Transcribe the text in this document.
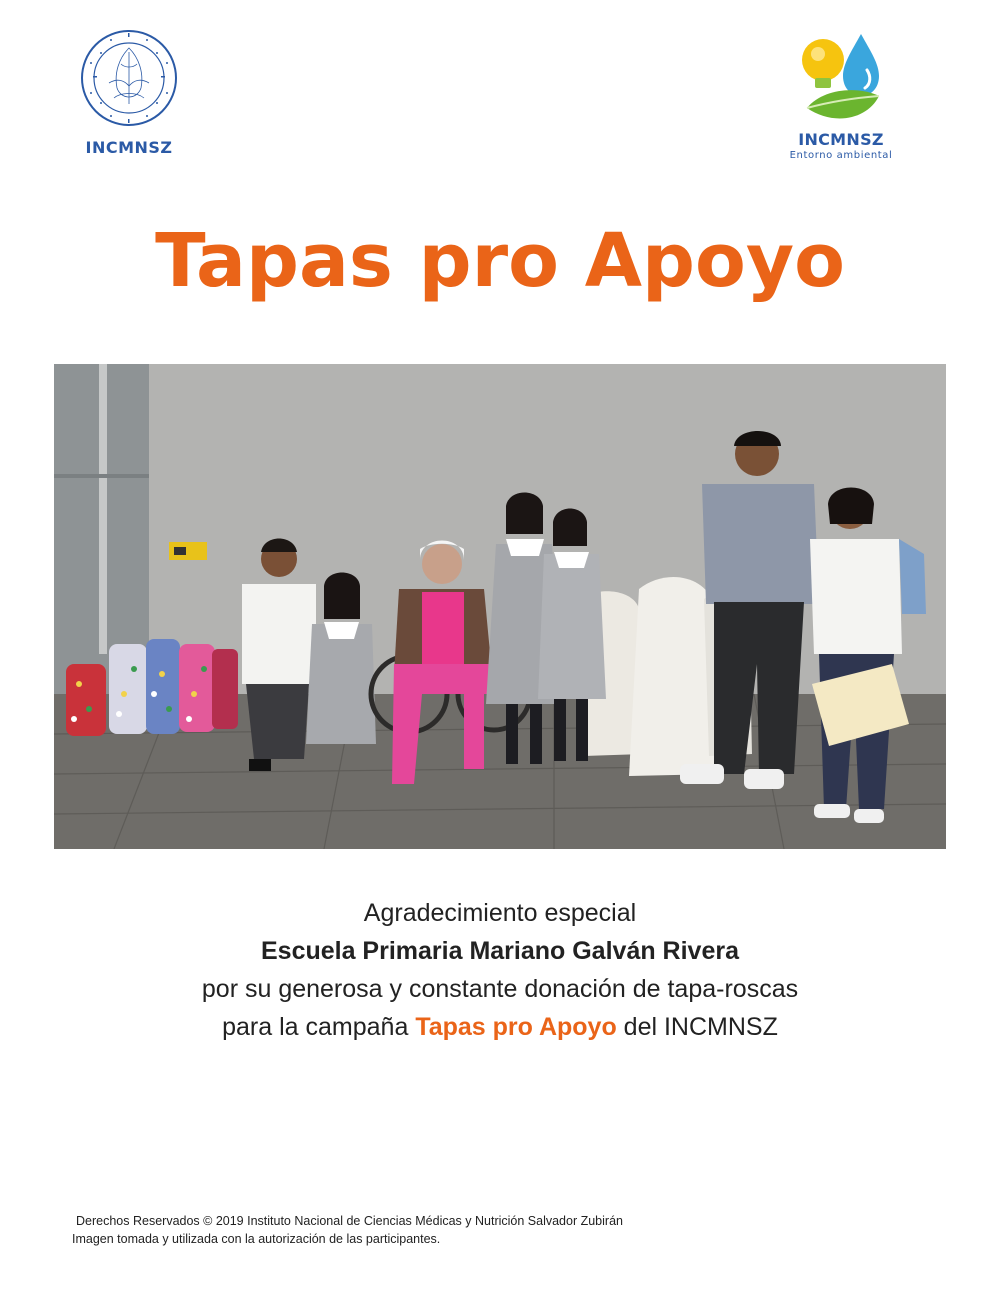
INCMNSZ	INCMNSZ
Entorno ambiental
Tapas pro Apoyo
Agradecimiento especial
Escuela Primaria Mariano Galván Rivera
por su generosa y constante donación de tapa-roscas
para la campaña Tapas pro Apoyo del INCMNSZ
Derechos Reservados © 2019 Instituto Nacional de Ciencias Médicas y Nutrición Salvador Zubirán
Imagen tomada y utilizada con la autorización de las participantes.
